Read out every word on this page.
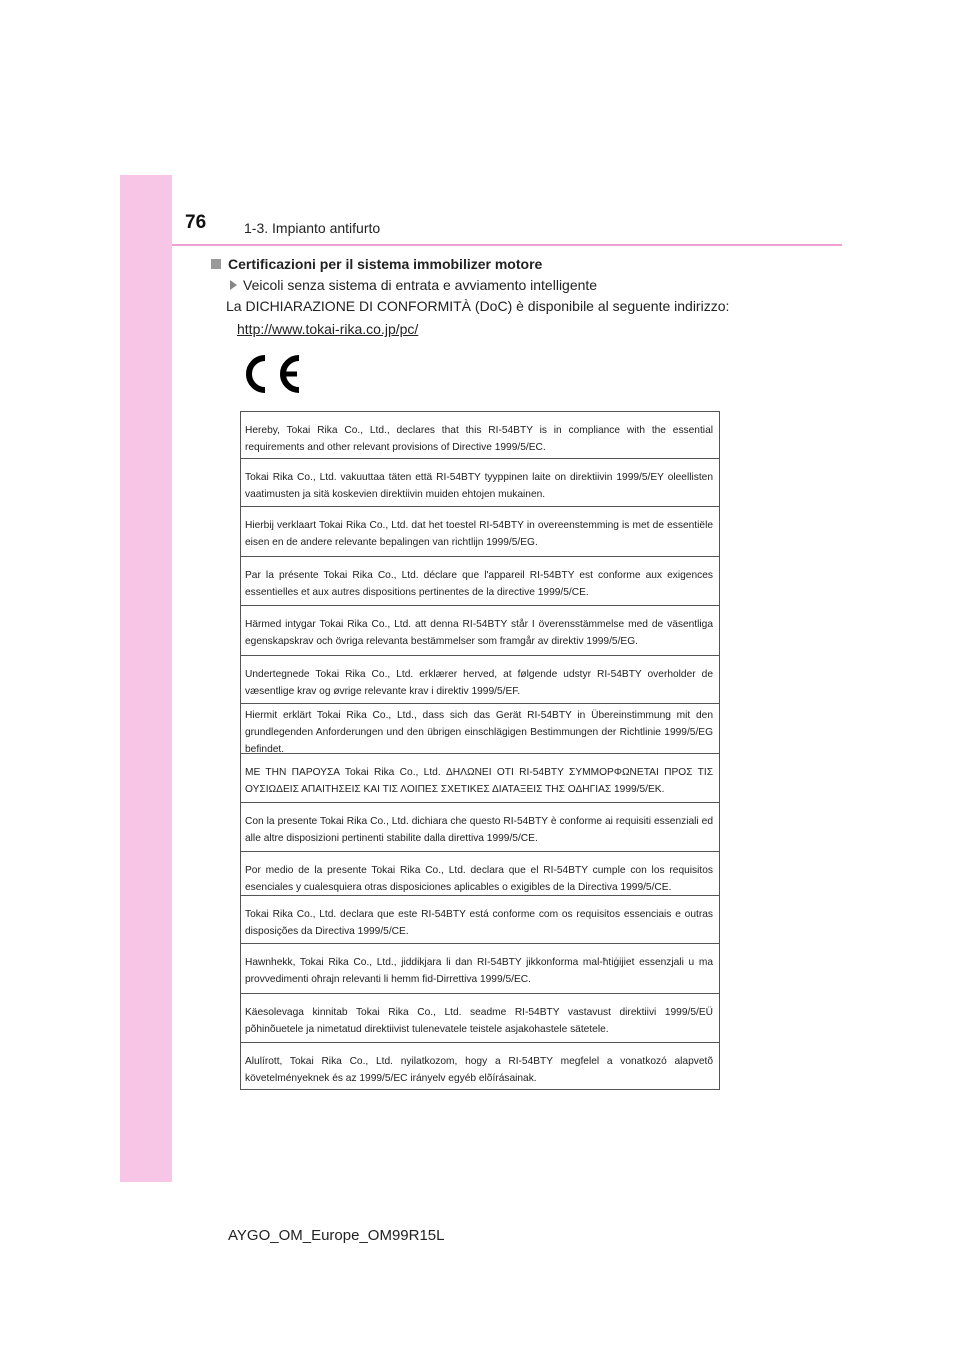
76	1-3. Impianto antifurto
Certificazioni per il sistema immobilizer motore
Veicoli senza sistema di entrata e avviamento intelligente
La DICHIARAZIONE DI CONFORMITÀ (DoC) è disponibile al seguente indirizzo:
http://www.tokai-rika.co.jp/pc/
Hereby, Tokai Rika Co., Ltd., declares that this RI-54BTY is in compliance with the essential requirements and other relevant provisions of Directive 1999/5/EC.
Tokai Rika Co., Ltd. vakuuttaa täten että RI-54BTY tyyppinen laite on direktiivin 1999/5/EY oleellisten vaatimusten ja sitä koskevien direktiivin muiden ehtojen mukainen.
Hierbij verklaart Tokai Rika Co., Ltd. dat het toestel RI-54BTY in overeenstemming is met de essentiële eisen en de andere relevante bepalingen van richtlijn 1999/5/EG.
Par la présente Tokai Rika Co., Ltd. déclare que l'appareil RI-54BTY est conforme aux exigences essentielles et aux autres dispositions pertinentes de la directive 1999/5/CE.
Härmed intygar Tokai Rika Co., Ltd. att denna RI-54BTY står I överensstämmelse med de väsentliga egenskapskrav och övriga relevanta bestämmelser som framgår av direktiv 1999/5/EG.
Undertegnede Tokai Rika Co., Ltd. erklærer herved, at følgende udstyr RI-54BTY overholder de væsentlige krav og øvrige relevante krav i direktiv 1999/5/EF.
Hiermit erklärt Tokai Rika Co., Ltd., dass sich das Gerät RI-54BTY in Übereinstimmung mit den grundlegenden Anforderungen und den übrigen einschlägigen Bestimmungen der Richtlinie 1999/5/EG befindet.
ΜΕ ΤΗΝ ΠΑΡΟΥΣΑ Tokai Rika Co., Ltd. ΔΗΛΩΝΕΙ ΟΤΙ RI-54BTY ΣΥΜΜΟΡΦΩΝΕΤΑΙ ΠΡΟΣ ΤΙΣ ΟΥΣΙΩΔΕΙΣ ΑΠΑΙΤΗΣΕΙΣ ΚΑΙ ΤΙΣ ΛΟΙΠΕΣ ΣΧΕΤΙΚΕΣ ΔΙΑΤΑΞΕΙΣ ΤΗΣ ΟΔΗΓΙΑΣ 1999/5/ΕΚ.
Con la presente Tokai Rika Co., Ltd. dichiara che questo RI-54BTY è conforme ai requisiti essenziali ed alle altre disposizioni pertinenti stabilite dalla direttiva 1999/5/CE.
Por medio de la presente Tokai Rika Co., Ltd. declara que el RI-54BTY cumple con los requisitos esenciales y cualesquiera otras disposiciones aplicables o exigibles de la Directiva 1999/5/CE.
Tokai Rika Co., Ltd. declara que este RI-54BTY está conforme com os requisitos essenciais e outras disposições da Directiva 1999/5/CE.
Hawnhekk, Tokai Rika Co., Ltd., jiddikjara li dan RI-54BTY jikkonforma mal-ħtiġijiet essenzjali u ma provvedimenti oħrajn relevanti li hemm fid-Dirrettiva 1999/5/EC.
Käesolevaga kinnitab Tokai Rika Co., Ltd. seadme RI-54BTY vastavust direktiivi 1999/5/EÜ põhinõuetele ja nimetatud direktiivist tulenevatele teistele asjakohastele sätetele.
Alulírott, Tokai Rika Co., Ltd. nyilatkozom, hogy a RI-54BTY megfelel a vonatkozó alapvetõ követelményeknek és az 1999/5/EC irányelv egyéb elõírásainak.
AYGO_OM_Europe_OM99R15L
